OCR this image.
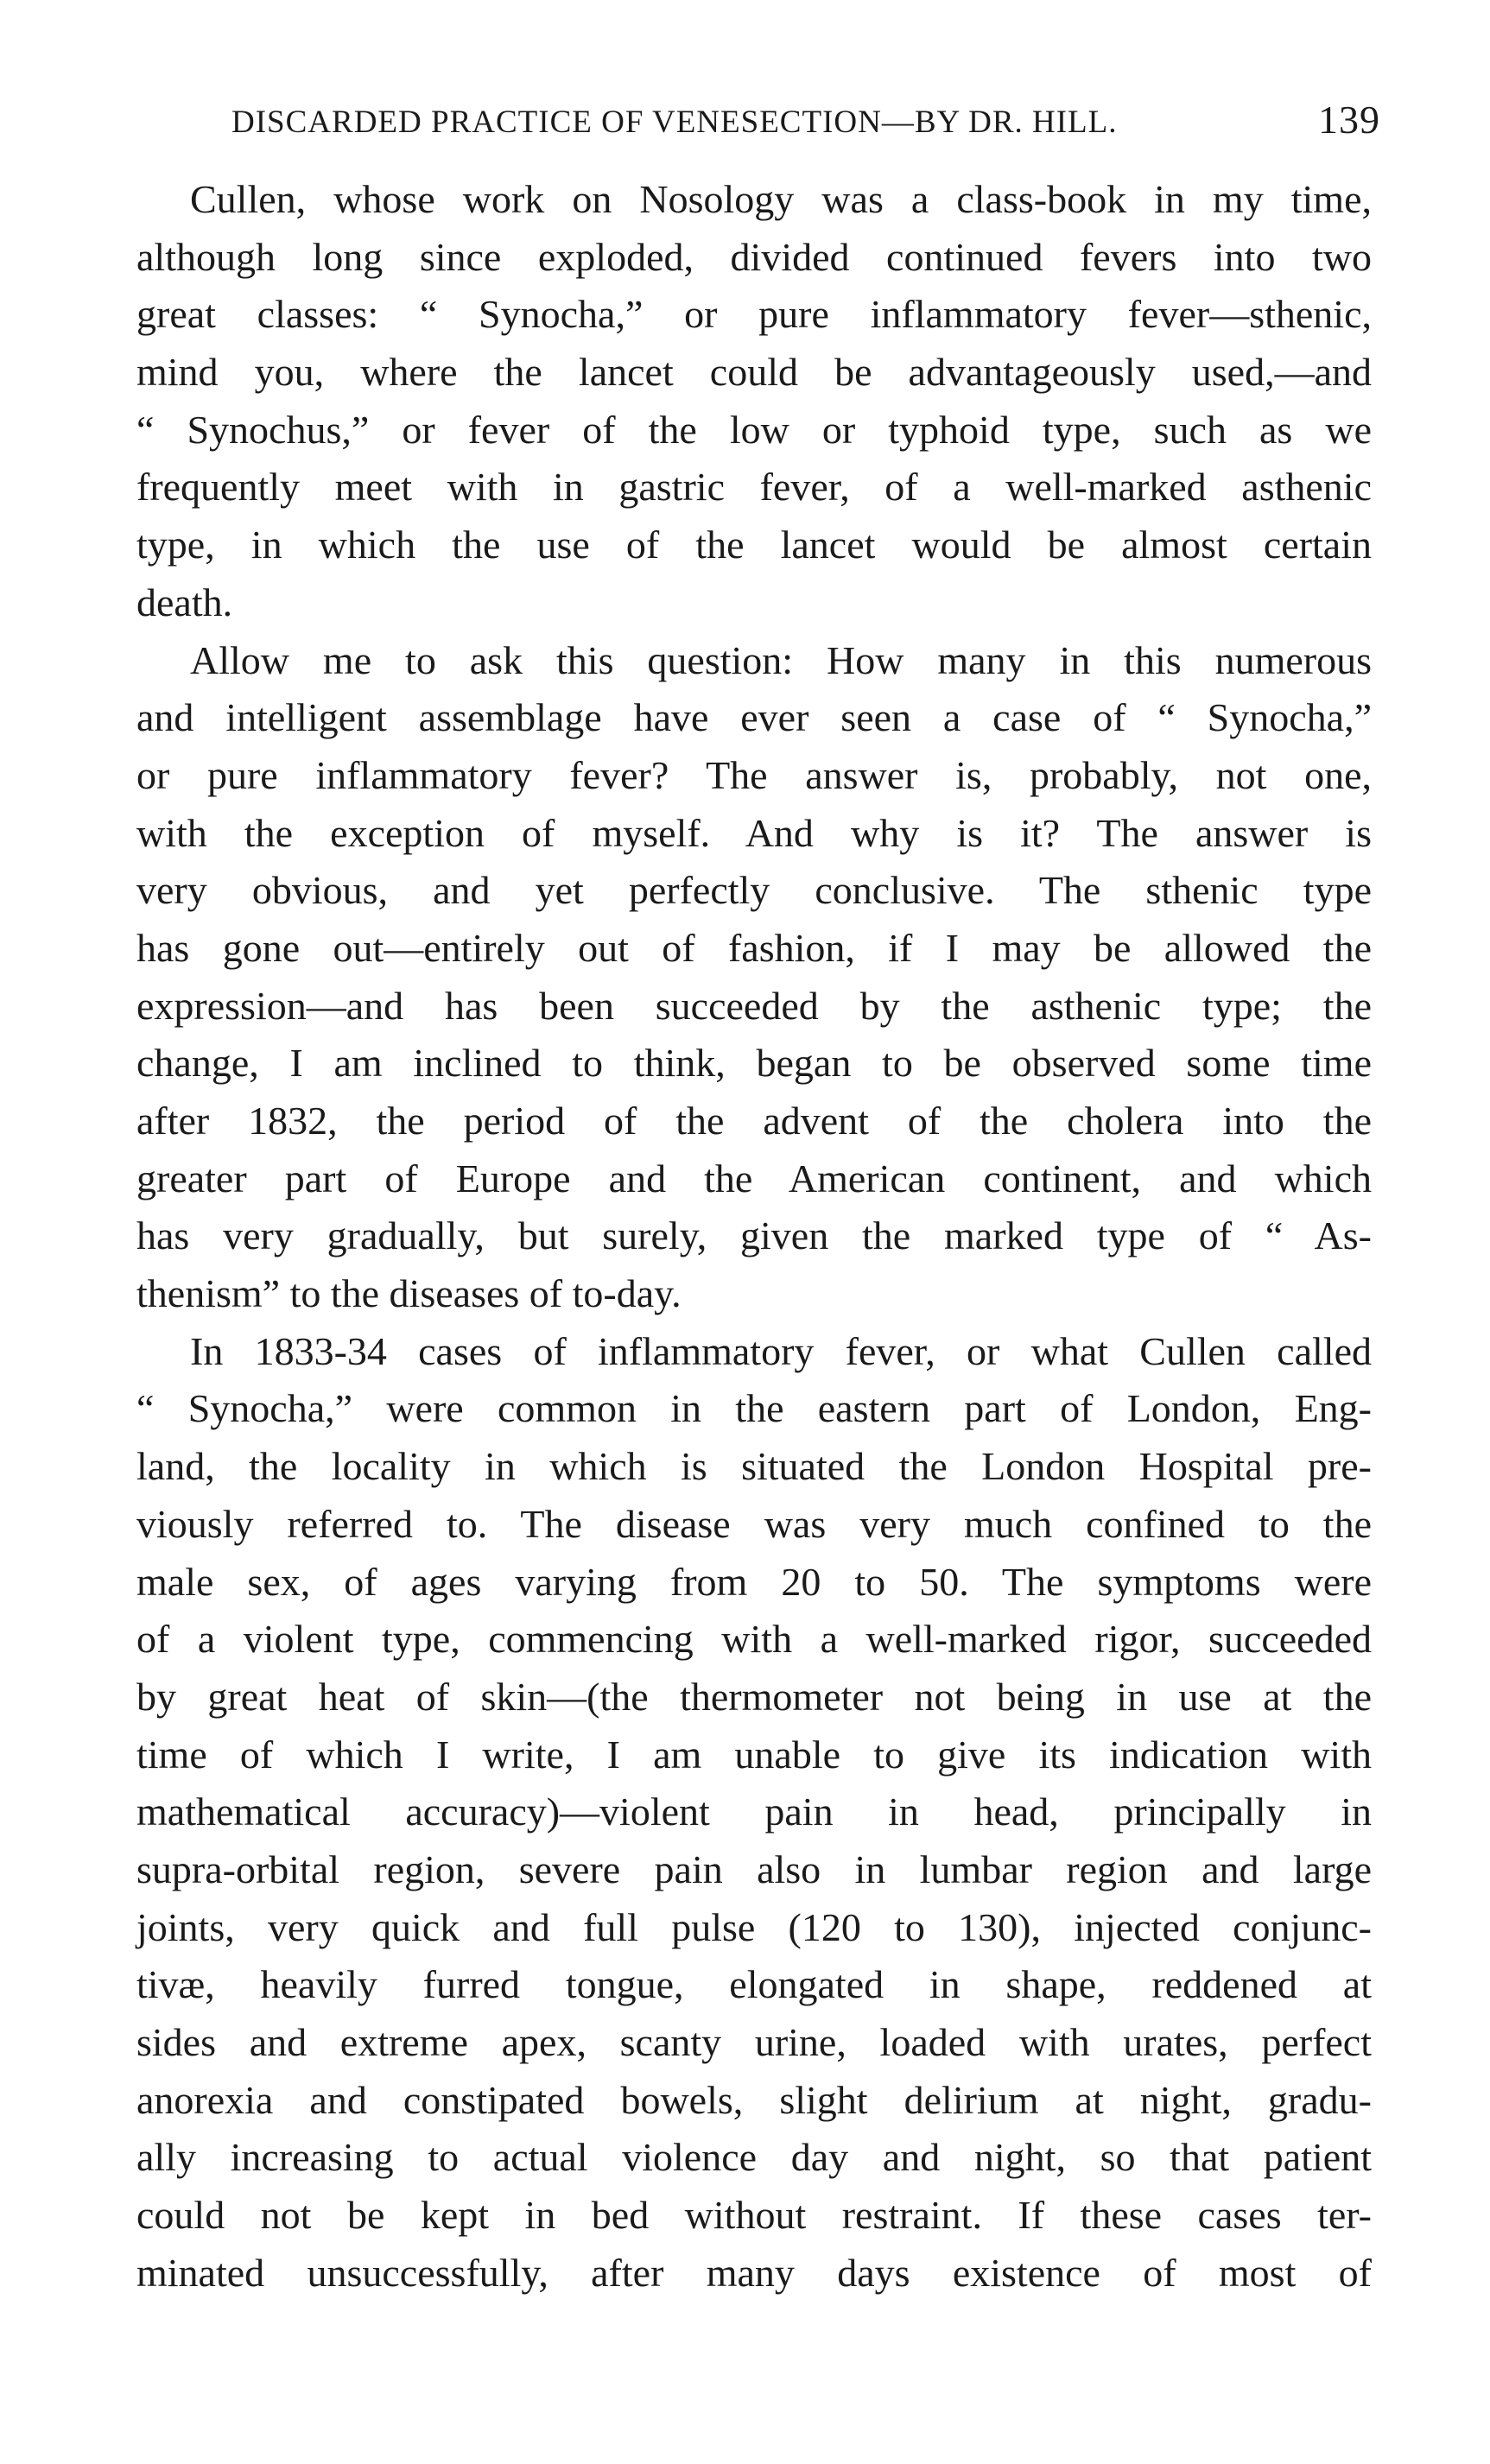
DISCARDED PRACTICE OF VENESECTION—BY DR. HILL.	139
Cullen, whose work on Nosology was a class-book in my time,
although long since exploded, divided continued fevers into two
great classes: “ Synocha,” or pure inflammatory fever—sthenic,
mind you, where the lancet could be advantageously used,—and
“ Synochus,” or fever of the low or typhoid type, such as we
frequently meet with in gastric fever, of a well-marked asthenic
type, in which the use of the lancet would be almost certain
death.
Allow me to ask this question: How many in this numerous
and intelligent assemblage have ever seen a case of “ Synocha,”
or pure inflammatory fever? The answer is, probably, not one,
with the exception of myself. And why is it? The answer is
very obvious, and yet perfectly conclusive. The sthenic type
has gone out—entirely out of fashion, if I may be allowed the
expression—and has been succeeded by the asthenic type; the
change, I am inclined to think, began to be observed some time
after 1832, the period of the advent of the cholera into the
greater part of Europe and the American continent, and which
has very gradually, but surely, given the marked type of “ As-
thenism” to the diseases of to-day.
In 1833-34 cases of inflammatory fever, or what Cullen called
“ Synocha,” were common in the eastern part of London, Eng-
land, the locality in which is situated the London Hospital pre-
viously referred to. The disease was very much confined to the
male sex, of ages varying from 20 to 50. The symptoms were
of a violent type, commencing with a well-marked rigor, succeeded
by great heat of skin—(the thermometer not being in use at the
time of which I write, I am unable to give its indication with
mathematical accuracy)—violent pain in head, principally in
supra-orbital region, severe pain also in lumbar region and large
joints, very quick and full pulse (120 to 130), injected conjunc-
tivæ, heavily furred tongue, elongated in shape, reddened at
sides and extreme apex, scanty urine, loaded with urates, perfect
anorexia and constipated bowels, slight delirium at night, gradu-
ally increasing to actual violence day and night, so that patient
could not be kept in bed without restraint. If these cases ter-
minated unsuccessfully, after many days existence of most of
